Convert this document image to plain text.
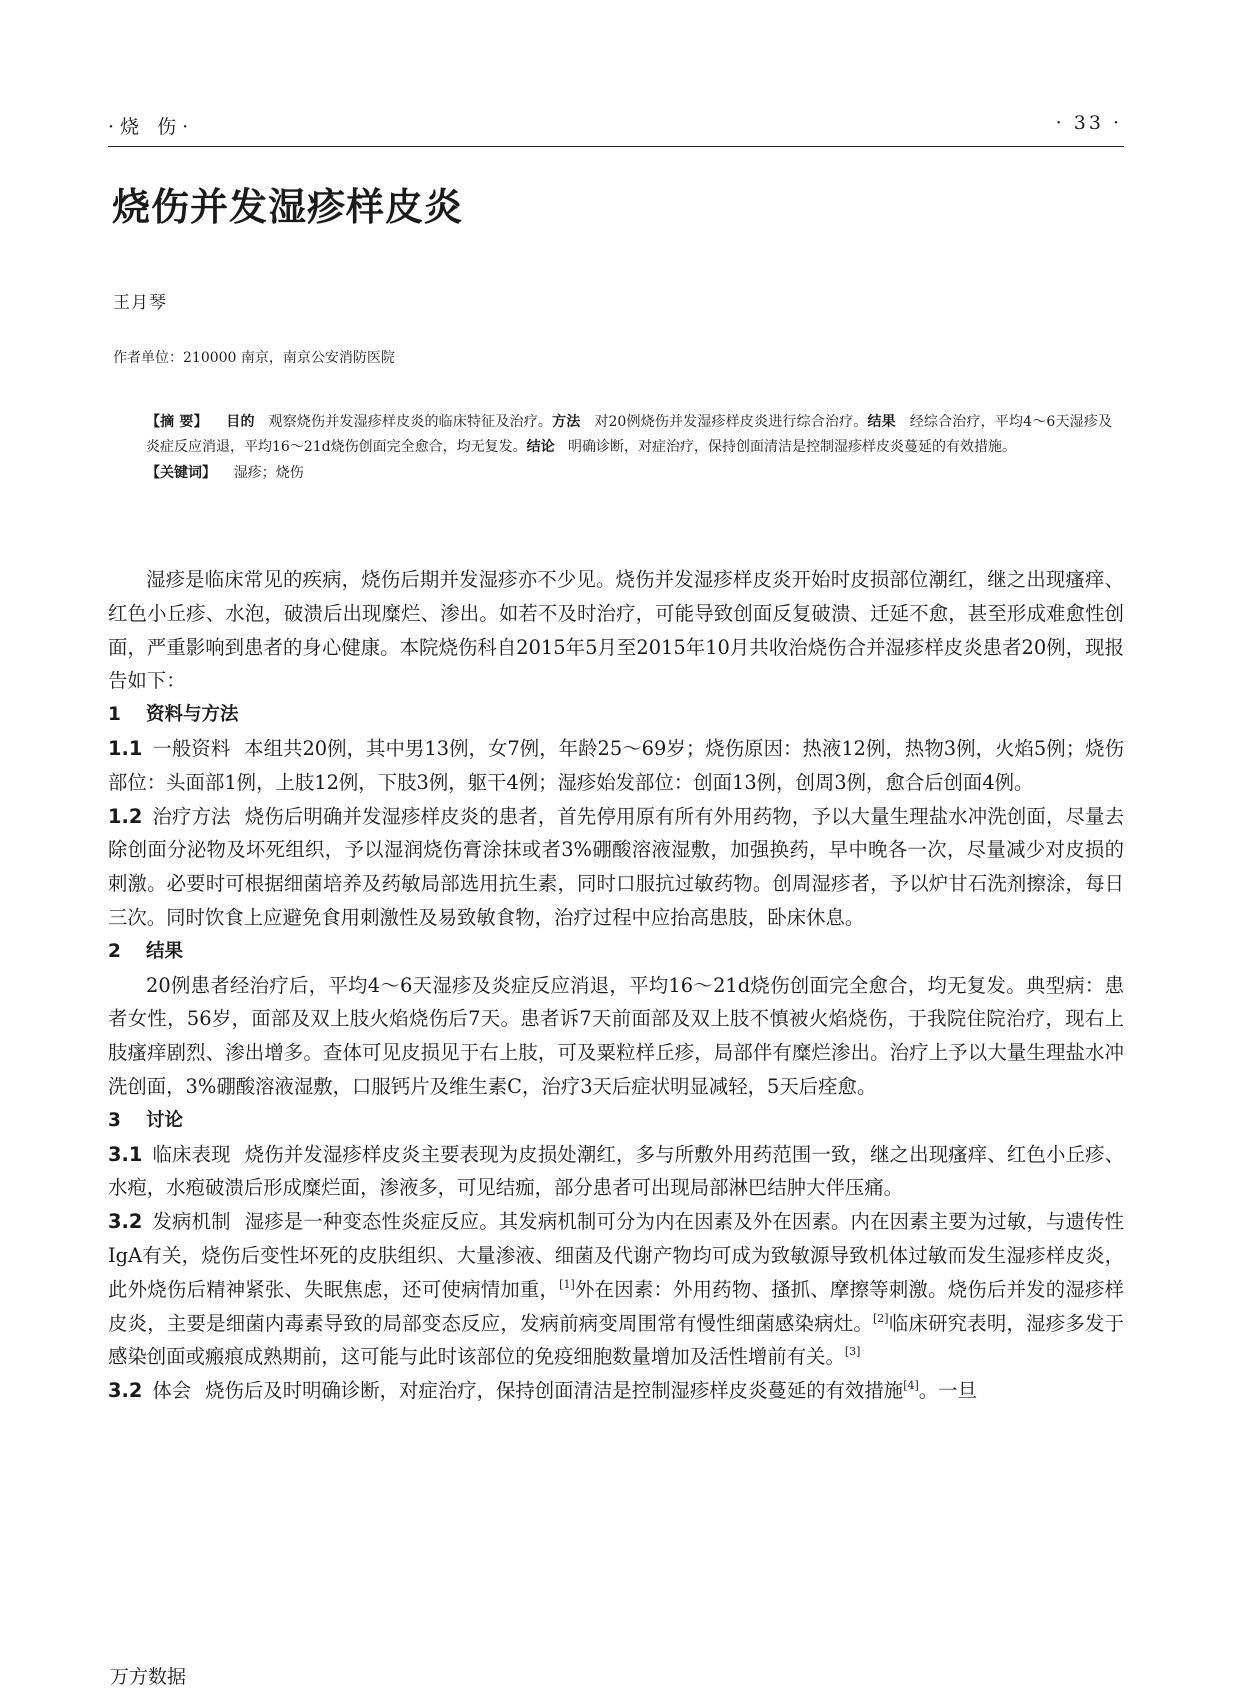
·烧 伤·	· 33 ·
烧伤并发湿疹样皮炎
王月琴
作者单位：210000 南京，南京公安消防医院

【摘 要】 目的 观察烧伤并发湿疹样皮炎的临床特征及治疗。方法 对20例烧伤并发湿疹样皮炎进行综合治疗。结果 经综合治疗，平均4～6天湿疹及炎症反应消退，平均16～21d烧伤创面完全愈合，均无复发。结论 明确诊断，对症治疗，保持创面清洁是控制湿疹样皮炎蔓延的有效措施。

【关键词】 湿疹；烧伤

湿疹是临床常见的疾病，烧伤后期并发湿疹亦不少见。烧伤并发湿疹样皮炎开始时皮损部位潮红，继之出现瘙痒、红色小丘疹、水泡，破溃后出现糜烂、渗出。如若不及时治疗，可能导致创面反复破溃、迁延不愈，甚至形成难愈性创面，严重影响到患者的身心健康。本院烧伤科自2015年5月至2015年10月共收治烧伤合并湿疹样皮炎患者20例，现报告如下：

1 资料与方法

1.1 一般资料 本组共20例，其中男13例，女7例，年龄25～69岁；烧伤原因：热液12例，热物3例，火焰5例；烧伤部位：头面部1例，上肢12例，下肢3例，躯干4例；湿疹始发部位：创面13例，创周3例，愈合后创面4例。

1.2 治疗方法 烧伤后明确并发湿疹样皮炎的患者，首先停用原有所有外用药物，予以大量生理盐水冲洗创面，尽量去除创面分泌物及坏死组织，予以湿润烧伤膏涂抹或者3%硼酸溶液湿敷，加强换药，早中晚各一次，尽量减少对皮损的刺激。必要时可根据细菌培养及药敏局部选用抗生素，同时口服抗过敏药物。创周湿疹者，予以炉甘石洗剂擦涂，每日三次。同时饮食上应避免食用刺激性及易致敏食物，治疗过程中应抬高患肢，卧床休息。

2 结果

20例患者经治疗后，平均4～6天湿疹及炎症反应消退，平均16～21d烧伤创面完全愈合，均无复发。典型病：患者女性，56岁，面部及双上肢火焰烧伤后7天。患者诉7天前面部及双上肢不慎被火焰烧伤，于我院住院治疗，现右上肢瘙痒剧烈、渗出增多。查体可见皮损见于右上肢，可及粟粒样丘疹，局部伴有糜烂渗出。治疗上予以大量生理盐水冲洗创面，3%硼酸溶液湿敷，口服钙片及维生素C，治疗3天后症状明显减轻，5天后痊愈。

3 讨论

3.1 临床表现 烧伤并发湿疹样皮炎主要表现为皮损处潮红，多与所敷外用药范围一致，继之出现瘙痒、红色小丘疹、水疱，水疱破溃后形成糜烂面，渗液多，可见结痂，部分患者可出现局部淋巴结肿大伴压痛。

3.2 发病机制 湿疹是一种变态性炎症反应。其发病机制可分为内在因素及外在因素。内在因素主要为过敏，与遗传性IgA有关，烧伤后变性坏死的皮肤组织、大量渗液、细菌及代谢产物均可成为致敏源导致机体过敏而发生湿疹样皮炎，此外烧伤后精神紧张、失眠焦虑，还可使病情加重，[1]外在因素：外用药物、搔抓、摩擦等刺激。烧伤后并发的湿疹样皮炎，主要是细菌内毒素导致的局部变态反应，发病前病变周围常有慢性细菌感染病灶。[2]临床研究表明，湿疹多发于感染创面或瘢痕成熟期前，这可能与此时该部位的免疫细胞数量增加及活性增前有关。[3]

3.2 体会 烧伤后及时明确诊断，对症治疗，保持创面清洁是控制湿疹样皮炎蔓延的有效措施[4]。一旦

万方数据
